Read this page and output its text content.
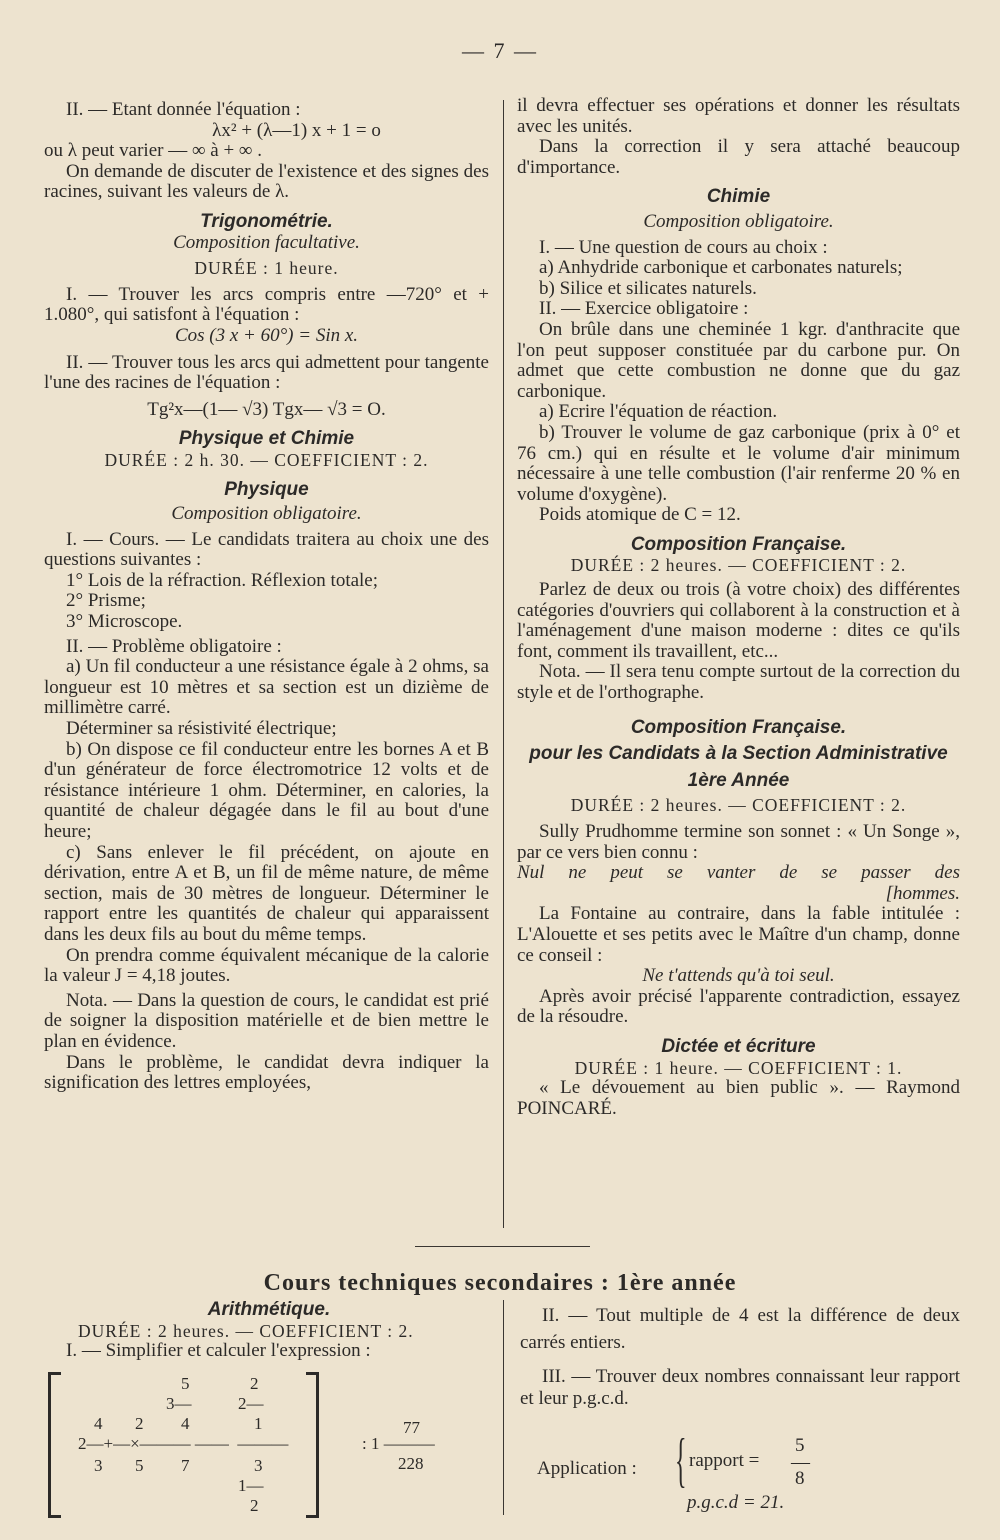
— 7 —

II. — Etant donnée l'équation :

λx² + (λ—1) x + 1 = o

ou λ peut varier — ∞ à + ∞ .

On demande de discuter de l'existence et des signes des racines, suivant les valeurs de λ.

Trigonométrie.

Composition facultative.

DURÉE : 1 heure.

I. — Trouver les arcs compris entre —720° et + 1.080°, qui satisfont à l'équation :

Cos (3 x + 60°) = Sin x.

II. — Trouver tous les arcs qui admettent pour tangente l'une des racines de l'équation :

Tg²x—(1— √3) Tgx— √3 = O.

Physique et Chimie

DURÉE : 2 h. 30. — COEFFICIENT : 2.

Physique

Composition obligatoire.

I. — Cours. — Le candidats traitera au choix une des questions suivantes :

1° Lois de la réfraction. Réflexion totale;

2° Prisme;

3° Microscope.

II. — Problème obligatoire :

a) Un fil conducteur a une résistance égale à 2 ohms, sa longueur est 10 mètres et sa section est un dizième de millimètre carré.

Déterminer sa résistivité électrique;

b) On dispose ce fil conducteur entre les bornes A et B d'un générateur de force électromotrice 12 volts et de résistance intérieure 1 ohm. Déterminer, en calories, la quantité de chaleur dégagée dans le fil au bout d'une heure;

c) Sans enlever le fil précédent, on ajoute en dérivation, entre A et B, un fil de même nature, de même section, mais de 30 mètres de longueur. Déterminer le rapport entre les quantités de chaleur qui apparaissent dans les deux fils au bout du même temps.

On prendra comme équivalent mécanique de la calorie la valeur J = 4,18 joutes.

Nota. — Dans la question de cours, le candidat est prié de soigner la disposition matérielle et de bien mettre le plan en évidence.

Dans le problème, le candidat devra indiquer la signification des lettres employées,

il devra effectuer ses opérations et donner les résultats avec les unités.

Dans la correction il y sera attaché beaucoup d'importance.

Chimie

Composition obligatoire.

I. — Une question de cours au choix :

a) Anhydride carbonique et carbonates naturels;

b) Silice et silicates naturels.

II. — Exercice obligatoire :

On brûle dans une cheminée 1 kgr. d'anthracite que l'on peut supposer constituée par du carbone pur. On admet que cette combustion ne donne que du gaz carbonique.

a) Ecrire l'équation de réaction.

b) Trouver le volume de gaz carbonique (prix à 0° et 76 cm.) qui en résulte et le volume d'air minimum nécessaire à une telle combustion (l'air renferme 20 % en volume d'oxygène).

Poids atomique de C = 12.

Composition Française.

DURÉE : 2 heures. — COEFFICIENT : 2.

Parlez de deux ou trois (à votre choix) des différentes catégories d'ouvriers qui collaborent à la construction et à l'aménagement d'une maison moderne : dites ce qu'ils font, comment ils travaillent, etc...

Nota. — Il sera tenu compte surtout de la correction du style et de l'orthographe.

Composition Française.

pour les Candidats à la Section Administrative

1ère Année

DURÉE : 2 heures. — COEFFICIENT : 2.

Sully Prudhomme termine son sonnet : « Un Songe », par ce vers bien connu :

Nul ne peut se vanter de se passer des

[hommes.

La Fontaine au contraire, dans la fable intitulée : L'Alouette et ses petits avec le Maître d'un champ, donne ce conseil :

Ne t'attends qu'à toi seul.

Après avoir précisé l'apparente contradiction, essayez de la résoudre.

Dictée et écriture

DURÉE : 1 heure. — COEFFICIENT : 1.

« Le dévouement au bien public ». — Raymond POINCARÉ.

Cours techniques secondaires : 1ère année

Arithmétique.

DURÉE : 2 heures. — COEFFICIENT : 2.

I. — Simplifier et calculer l'expression :

5	2
3—	2—
4 2 4	1
2—+—×——— ——  ———
3 5 7	3
1—
2
: 1 ———
77
228

II. — Tout multiple de 4 est la différence de deux carrés entiers.

III. — Trouver deux nombres connaissant leur rapport et leur p.g.c.d.

Application : { rapport =
5
—
8
p.g.c.d = 21.
